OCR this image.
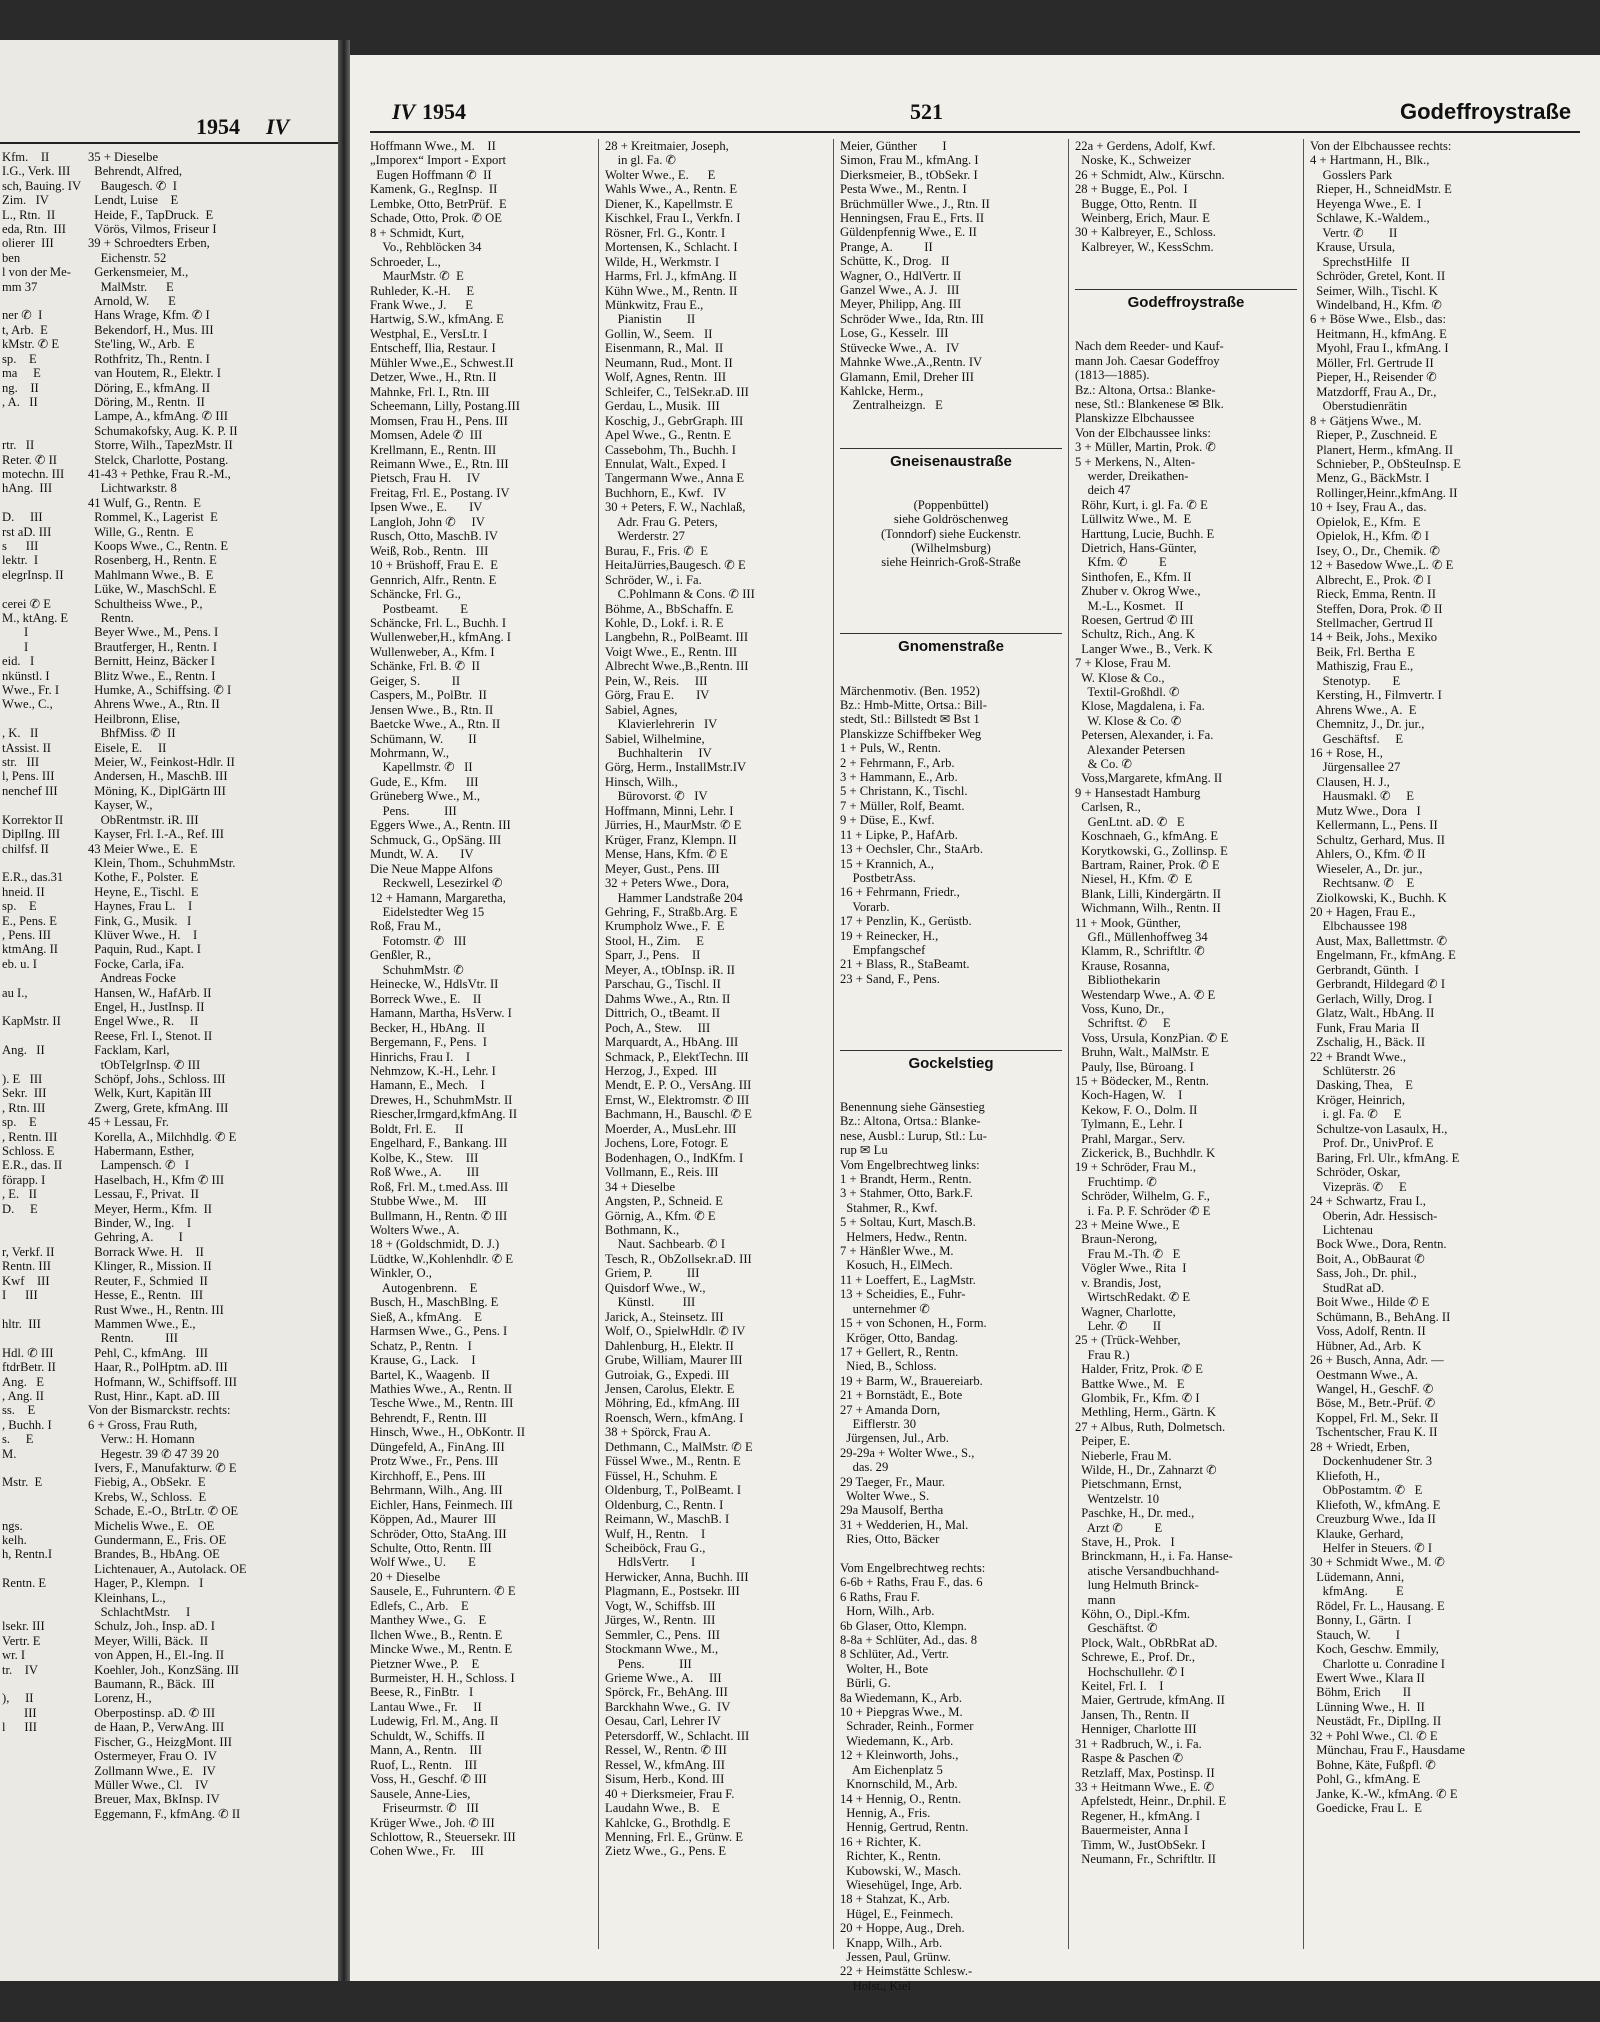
1954 IV
Kfm.    II
I.G., Verk. III
sch, Bauing. IV
Zim.   IV
L., Rtn.  II
eda, Rtn.  III
olierer  III
ben
l von der Me-
mm 37

ner ✆  I
t, Arb.  E
kMstr. ✆ E
sp.    E
ma     E
ng.    II
, A.   II

rtr.   II
Reter. ✆ II
motechn. III
hAng.  III

D.     III
rst aD. III
s      III
lektr.  I
elegrInsp. II

cerei ✆ E
M., ktAng. E
I
I
eid.   I
nkünstl. I
Wwe., Fr. I
Wwe., C.,

, K.   II
tAssist. II
str.   III
l, Pens. III
nenchef III

Korrektor II
DiplIng. III
chilfsf. II

E.R., das.31
hneid. II
sp.    E
E., Pens. E
, Pens. III
ktmAng. II
eb. u. I

au I.,

KapMstr. II

Ang.   II

). E   III
Sekr.  III
, Rtn. III
sp.    E
, Rentn. III
Schloss. E
E.R., das. II
förapp. I
, E.   II
D.     E

r, Verkf. II
Rentn. III
Kwf    III
I      III

hltr.  III

Hdl. ✆ III
ftdrBetr. II
Ang.   E
, Ang. II
ss.    E
, Buchh. I
s.     E
M.

Mstr.  E

ngs.
kelh.
h, Rentn.I

Rentn. E

lsekr. III
Vertr. E
wr. I
tr.    IV

),     II
III
l      III
35 + Dieselbe
Behrendt, Alfred,
Baugesch. ✆  I
Lendt, Luise    E
Heide, F., TapDruck.  E
Vörös, Vilmos, Friseur I
39 + Schroedters Erben,
Eichenstr. 52
Gerkensmeier, M.,
MalMstr.      E
Arnold, W.      E
Hans Wrage, Kfm. ✆ I
Bekendorf, H., Mus. III
Ste'ling, W., Arb.  E
Rothfritz, Th., Rentn. I
van Houtem, R., Elektr. I
Döring, E., kfmAng. II
Döring, M., Rentn.  II
Lampe, A., kfmAng. ✆ III
Schumakofsky, Aug. K. P. II
Storre, Wilh., TapezMstr. II
Stelck, Charlotte, Postang.
41-43 + Pethke, Frau R.-M.,
Lichtwarkstr. 8
41 Wulf, G., Rentn.  E
Rommel, K., Lagerist  E
Wille, G., Rentn.  E
Koops Wwe., C., Rentn. E
Rosenberg, H., Rentn. E
Mahlmann Wwe., B.  E
Lüke, W., MaschSchl. E
Schultheiss Wwe., P.,
Rentn.
Beyer Wwe., M., Pens. I
Brautferger, H., Rentn. I
Bernitt, Heinz, Bäcker I
Blitz Wwe., E., Rentn. I
Humke, A., Schiffsing. ✆ I
Ahrens Wwe., A., Rtn. II
Heilbronn, Elise,
BhfMiss. ✆  II
Eisele, E.     II
Meier, W., Feinkost-Hdlr. II
Andersen, H., MaschB. III
Möning, K., DiplGärtn III
Kayser, W.,
ObRentmstr. iR. III
Kayser, Frl. I.-A., Ref. III
43 Meier Wwe., E.  E
Klein, Thom., SchuhmMstr.
Kothe, F., Polster.  E
Heyne, E., Tischl.  E
Haynes, Frau L.    I
Fink, G., Musik.   I
Klüver Wwe., H.    I
Paquin, Rud., Kapt. I
Focke, Carla, iFa.
Andreas Focke
Hansen, W., HafArb. II
Engel, H., JustInsp. II
Engel Wwe., R.     II
Reese, Frl. I., Stenot. II
Facklam, Karl,
tObTelgrInsp. ✆ III
Schöpf, Johs., Schloss. III
Welk, Kurt, Kapitän III
Zwerg, Grete, kfmAng. III
45 + Lessau, Fr.
Korella, A., Milchhdlg. ✆ E
Habermann, Esther,
Lampensch. ✆   I
Haselbach, H., Kfm ✆ III
Lessau, F., Privat.  II
Meyer, Herm., Kfm.  II
Binder, W., Ing.    I
Gehring, A.        I
Borrack Wwe. H.    II
Klinger, R., Mission. II
Reuter, F., Schmied  II
Hesse, E., Rentn.   III
Rust Wwe., H., Rentn. III
Mammen Wwe., E.,
Rentn.          III
Pehl, C., kfmAng.   III
Haar, R., PolHptm. aD. III
Hofmann, W., Schiffsoff. III
Rust, Hinr., Kapt. aD. III
Von der Bismarckstr. rechts:
6 + Gross, Frau Ruth,
Verw.: H. Homann
Hegestr. 39 ✆ 47 39 20
Ivers, F., Manufakturw. ✆ E
Fiebig, A., ObSekr.  E
Krebs, W., Schloss.  E
Schade, E.-O., BtrLtr. ✆ OE
Michelis Wwe., E.   OE
Gundermann, E., Fris. OE
Brandes, B., HbAng. OE
Lichtenauer, A., Autolack. OE
Hager, P., Klempn.   I
Kleinhans, L.,
SchlachtMstr.     I
Schulz, Joh., Insp. aD. I
Meyer, Willi, Bäck.  II
von Appen, H., El.-Ing. II
Koehler, Joh., KonzSäng. III
Baumann, R., Bäck.  III
Lorenz, H.,
Oberpostinsp. aD. ✆ III
de Haan, P., VerwAng. III
Fischer, G., HeizgMont. III
Ostermeyer, Frau O.  IV
Zollmann Wwe., E.   IV
Müller Wwe., Cl.    IV
Breuer, Max, BkInsp. IV
Eggemann, F., kfmAng. ✆ II
IV 1954	521	Godeffroystraße
Hoffmann Wwe., M.    II
„Imporex“ Import - Export
Eugen Hoffmann ✆  II
Kamenk, G., RegInsp.  II
Lembke, Otto, BetrPrüf.  E
Schade, Otto, Prok. ✆ OE
8 + Schmidt, Kurt,
Vo., Rehblöcken 34
Schroeder, L.,
MaurMstr. ✆  E
Ruhleder, K.-H.     E
Frank Wwe., J.      E
Hartwig, S.W., kfmAng. E
Westphal, E., VersLtr. I
Entscheff, Ilia, Restaur. I
Mühler Wwe.,E., Schwest.II
Detzer, Wwe., H., Rtn. II
Mahnke, Frl. I., Rtn. III
Scheemann, Lilly, Postang.III
Momsen, Frau H., Pens. III
Momsen, Adele ✆  III
Krellmann, E., Rentn. III
Reimann Wwe., E., Rtn. III
Pietsch, Frau H.     IV
Freitag, Frl. E., Postang. IV
Ipsen Wwe., E.       IV
Langloh, John ✆     IV
Rusch, Otto, MaschB. IV
Weiß, Rob., Rentn.   III
10 + Brüshoff, Frau E.  E
Gennrich, Alfr., Rentn. E
Schäncke, Frl. G.,
Postbeamt.       E
Schäncke, Frl. L., Buchh. I
Wullenweber,H., kfmAng. I
Wullenweber, A., Kfm. I
Schänke, Frl. B. ✆  II
Geiger, S.          II
Caspers, M., PolBtr.  II
Jensen Wwe., B., Rtn. II
Baetcke Wwe., A., Rtn. II
Schümann, W.        II
Mohrmann, W.,
Kapellmstr. ✆   II
Gude, E., Kfm.      III
Grüneberg Wwe., M.,
Pens.           III
Eggers Wwe., A., Rentn. III
Schmuck, G., OpSäng. III
Mundt, W. A.       IV
Die Neue Mappe Alfons
Reckwell, Lesezirkel ✆
12 + Hamann, Margaretha,
Eidelstedter Weg 15
Roß, Frau M.,
Fotomstr. ✆   III
Genßler, R.,
SchuhmMstr. ✆
Heinecke, W., HdlsVtr. II
Borreck Wwe., E.    II
Hamann, Martha, HsVerw. I
Becker, H., HbAng.  II
Bergemann, F., Pens.  I
Hinrichs, Frau I.    I
Nehmzow, K.-H., Lehr. I
Hamann, E., Mech.    I
Drewes, H., SchuhmMstr. II
Riescher,Irmgard,kfmAng. II
Boldt, Frl. E.      II
Engelhard, F., Bankang. III
Kolbe, K., Stew.    III
Roß Wwe., A.        III
Roß, Frl. M., t.med.Ass. III
Stubbe Wwe., M.     III
Bullmann, H., Rentn. ✆ III
Wolters Wwe., A.
18 + (Goldschmidt, D. J.)
Lüdtke, W.,Kohlenhdlr. ✆ E
Winkler, O.,
Autogenbrenn.    E
Busch, H., MaschBlng. E
Sieß, A., kfmAng.    E
Harmsen Wwe., G., Pens. I
Schatz, P., Rentn.   I
Krause, G., Lack.    I
Bartel, K., Waagenb.  II
Mathies Wwe., A., Rentn. II
Tesche Wwe., M., Rentn. III
Behrendt, F., Rentn. III
Hinsch, Wwe., H., ObKontr. II
Düngefeld, A., FinAng. III
Protz Wwe., Fr., Pens. III
Kirchhoff, E., Pens. III
Behrmann, Wilh., Ang. III
Eichler, Hans, Feinmech. III
Köppen, Ad., Maurer  III
Schröder, Otto, StaAng. III
Schulte, Otto, Rentn. III
Wolf Wwe., U.       E
20 + Dieselbe
Sausele, E., Fuhruntern. ✆ E
Edlefs, C., Arb.    E
Manthey Wwe., G.    E
Ilchen Wwe., B., Rentn. E
Mincke Wwe., M., Rentn. E
Pietzner Wwe., P.    E
Burmeister, H. H., Schloss. I
Beese, R., FinBtr.   I
Lantau Wwe., Fr.     II
Ludewig, Frl. M., Ang. II
Schuldt, W., Schiffs. II
Mann, A., Rentn.    III
Ruof, L., Rentn.    III
Voss, H., Geschf. ✆ III
Sausele, Anne-Lies,
Friseurmstr. ✆   III
Krüger Wwe., Joh. ✆ III
Schlottow, R., Steuersekr. III
Cohen Wwe., Fr.     III
28 + Kreitmaier, Joseph,
in gl. Fa. ✆
Wolter Wwe., E.      E
Wahls Wwe., A., Rentn. E
Diener, K., Kapellmstr. E
Kischkel, Frau I., Verkfn. I
Rösner, Frl. G., Kontr. I
Mortensen, K., Schlacht. I
Wilde, H., Werkmstr. I
Harms, Frl. J., kfmAng. II
Kühn Wwe., M., Rentn. II
Münkwitz, Frau E.,
Pianistin        II
Gollin, W., Seem.   II
Eisenmann, R., Mal.  II
Neumann, Rud., Mont. II
Wolf, Agnes, Rentn.  III
Schleifer, C., TelSekr.aD. III
Gerdau, L., Musik.  III
Koschig, J., GebrGraph. III
Apel Wwe., G., Rentn. E
Cassebohm, Th., Buchh. I
Ennulat, Walt., Exped. I
Tangermann Wwe., Anna E
Buchhorn, E., Kwf.   IV
30 + Peters, F. W., Nachlaß,
Adr. Frau G. Peters,
Werderstr. 27
Burau, F., Fris. ✆  E
HeitaJürries,Baugesch. ✆ E
Schröder, W., i. Fa.
C.Pohlmann & Cons. ✆ III
Böhme, A., BbSchaffn. E
Kohle, D., Lokf. i. R. E
Langbehn, R., PolBeamt. III
Voigt Wwe., E., Rentn. III
Albrecht Wwe.,B.,Rentn. III
Pein, W., Reis.     III
Görg, Frau E.       IV
Sabiel, Agnes,
Klavierlehrerin   IV
Sabiel, Wilhelmine,
Buchhalterin     IV
Görg, Herm., InstallMstr.IV
Hinsch, Wilh.,
Bürovorst. ✆   IV
Hoffmann, Minni, Lehr. I
Jürries, H., MaurMstr. ✆ E
Krüger, Franz, Klempn. II
Mense, Hans, Kfm. ✆ E
Meyer, Gust., Pens. III
32 + Peters Wwe., Dora,
Hammer Landstraße 204
Gehring, F., Straßb.Arg. E
Krumpholz Wwe., F.  E
Stool, H., Zim.     E
Sparr, J., Pens.    II
Meyer, A., tObInsp. iR. II
Parschau, G., Tischl. II
Dahms Wwe., A., Rtn. II
Dittrich, O., tBeamt. II
Poch, A., Stew.     III
Marquardt, A., HbAng. III
Schmack, P., ElektTechn. III
Herzog, J., Exped.  III
Mendt, E. P. O., VersAng. III
Ernst, W., Elektromstr. ✆ III
Bachmann, H., Bauschl. ✆ E
Moerder, A., MusLehr. III
Jochens, Lore, Fotogr. E
Bodenhagen, O., IndKfm. I
Vollmann, E., Reis. III
34 + Dieselbe
Angsten, P., Schneid. E
Görnig, A., Kfm. ✆ E
Bothmann, K.,
Naut. Sachbearb. ✆ I
Tesch, R., ObZollsekr.aD. III
Griem, P.           III
Quisdorf Wwe., W.,
Künstl.         III
Jarick, A., Steinsetz. III
Wolf, O., SpielwHdlr. ✆ IV
Dahlenburg, H., Elektr. II
Grube, William, Maurer III
Gutroiak, G., Expedi. III
Jensen, Carolus, Elektr. E
Möhring, Ed., kfmAng. III
Roensch, Wern., kfmAng. I
38 + Spörck, Frau A.
Dethmann, C., MalMstr. ✆ E
Füssel Wwe., M., Rentn. E
Füssel, H., Schuhm. E
Oldenburg, T., PolBeamt. I
Oldenburg, C., Rentn. I
Reimann, W., MaschB. I
Wulf, H., Rentn.    I
Scheiböck, Frau G.,
HdlsVertr.       I
Herwicker, Anna, Buchh. III
Plagmann, E., Postsekr. III
Vogt, W., Schiffsb. III
Jürges, W., Rentn.  III
Semmler, C., Pens.  III
Stockmann Wwe., M.,
Pens.           III
Grieme Wwe., A.     III
Spörck, Fr., BehAng. III
Barckhahn Wwe., G.  IV
Oesau, Carl, Lehrer IV
Petersdorff, W., Schlacht. III
Ressel, W., Rentn. ✆ III
Ressel, W., kfmAng. III
Sisum, Herb., Kond. III
40 + Dierksmeier, Frau F.
Laudahn Wwe., B.    E
Kahlcke, G., Brothdlg. E
Menning, Frl. E., Grünw. E
Zietz Wwe., G., Pens. E
Meier, Günther        I
Simon, Frau M., kfmAng. I
Dierksmeier, B., tObSekr. I
Pesta Wwe., M., Rentn. I
Brüchmüller Wwe., J., Rtn. II
Henningsen, Frau E., Frts. II
Güldenpfennig Wwe., E. II
Prange, A.          II
Schütte, K., Drog.   II
Wagner, O., HdlVertr. II
Ganzel Wwe., A. J.   III
Meyer, Philipp, Ang. III
Schröder Wwe., Ida, Rtn. III
Lose, G., Kesselr.  III
Stüvecke Wwe., A.   IV
Mahnke Wwe.,A.,Rentn. IV
Glamann, Emil, Dreher III
Kahlcke, Herm.,
Zentralheizgn.   E

Gneisenaustraße

(Poppenbüttel)
siehe Goldröschenweg
(Tonndorf) siehe Euckenstr.
(Wilhelmsburg)
siehe Heinrich-Groß-Straße

Gnomenstraße

Märchenmotiv. (Ben. 1952)
Bz.: Hmb-Mitte, Ortsa.: Bill-
stedt, Stl.: Billstedt ✉ Bst 1
Planskizze Schiffbeker Weg
1 + Puls, W., Rentn.
2 + Fehrmann, F., Arb.
3 + Hammann, E., Arb.
5 + Christann, K., Tischl.
7 + Müller, Rolf, Beamt.
9 + Düse, E., Kwf.
11 + Lipke, P., HafArb.
13 + Oechsler, Chr., StaArb.
15 + Krannich, A.,
PostbetrAss.
16 + Fehrmann, Friedr.,
Vorarb.
17 + Penzlin, K., Gerüstb.
19 + Reinecker, H.,
Empfangschef
21 + Blass, R., StaBeamt.
23 + Sand, F., Pens.

Gockelstieg

Benennung siehe Gänsestieg
Bz.: Altona, Ortsa.: Blanke-
nese, Ausbl.: Lurup, Stl.: Lu-
rup ✉ Lu
Vom Engelbrechtweg links:
1 + Brandt, Herm., Rentn.
3 + Stahmer, Otto, Bark.F.
Stahmer, R., Kwf.
5 + Soltau, Kurt, Masch.B.
Helmers, Hedw., Rentn.
7 + Hänßler Wwe., M.
Kosuch, H., ElMech.
11 + Loeffert, E., LagMstr.
13 + Scheidies, E., Fuhr-
unternehmer ✆
15 + von Schonen, H., Form.
Kröger, Otto, Bandag.
17 + Gellert, R., Rentn.
Nied, B., Schloss.
19 + Barm, W., Brauereiarb.
21 + Bornstädt, E., Bote
27 + Amanda Dorn,
Eifflerstr. 30
Jürgensen, Jul., Arb.
29-29a + Wolter Wwe., S.,
das. 29
29 Taeger, Fr., Maur.
Wolter Wwe., S.
29a Mausolf, Bertha
31 + Wedderien, H., Mal.
Ries, Otto, Bäcker

Vom Engelbrechtweg rechts:
6-6b + Raths, Frau F., das. 6
6 Raths, Frau F.
Horn, Wilh., Arb.
6b Glaser, Otto, Klempn.
8-8a + Schlüter, Ad., das. 8
8 Schlüter, Ad., Vertr.
Wolter, H., Bote
Bürli, G.
8a Wiedemann, K., Arb.
10 + Piepgras Wwe., M.
Schrader, Reinh., Former
Wiedemann, K., Arb.
12 + Kleinworth, Johs.,
Am Eichenplatz 5
Knornschild, M., Arb.
14 + Hennig, O., Rentn.
Hennig, A., Fris.
Hennig, Gertrud, Rentn.
16 + Richter, K.
Richter, K., Rentn.
Kubowski, W., Masch.
Wiesehügel, Inge, Arb.
18 + Stahzat, K., Arb.
Hügel, E., Feinmech.
20 + Hoppe, Aug., Dreh.
Knapp, Wilh., Arb.
Jessen, Paul, Grünw.
22 + Heimstätte Schlesw.-
Holst., Kiel

22a + Gerdens, Adolf, Kwf.
Noske, K., Schweizer
26 + Schmidt, Alw., Kürschn.
28 + Bugge, E., Pol.  I
Bugge, Otto, Rentn.  II
Weinberg, Erich, Maur. E
30 + Kalbreyer, E., Schloss.
Kalbreyer, W., KessSchm.

Godeffroystraße

Nach dem Reeder- und Kauf-
mann Joh. Caesar Godeffroy
(1813—1885).
Bz.: Altona, Ortsa.: Blanke-
nese, Stl.: Blankenese ✉ Blk.
Planskizze Elbchaussee
Von der Elbchaussee links:
3 + Müller, Martin, Prok. ✆
5 + Merkens, N., Alten-
werder, Dreikathen-
deich 47
Röhr, Kurt, i. gl. Fa. ✆ E
Lüllwitz Wwe., M.  E
Harttung, Lucie, Buchh. E
Dietrich, Hans-Günter,
Kfm. ✆          E
Sinthofen, E., Kfm. II
Zhuber v. Okrog Wwe.,
M.-L., Kosmet.   II
Roesen, Gertrud ✆ III
Schultz, Rich., Ang. K
Langer Wwe., B., Verk. K
7 + Klose, Frau M.
W. Klose & Co.,
Textil-Großhdl. ✆
Klose, Magdalena, i. Fa.
W. Klose & Co. ✆
Petersen, Alexander, i. Fa.
Alexander Petersen
& Co. ✆
Voss,Margarete, kfmAng. II
9 + Hansestadt Hamburg
Carlsen, R.,
GenLtnt. aD. ✆   E
Koschnaeh, G., kfmAng. E
Korytkowski, G., Zollinsp. E
Bartram, Rainer, Prok. ✆ E
Niesel, H., Kfm. ✆  E
Blank, Lilli, Kindergärtn. II
Wichmann, Wilh., Rentn. II
11 + Mook, Günther,
Gfl., Müllenhoffweg 34
Klamm, R., Schriftltr. ✆
Krause, Rosanna,
Bibliothekarin
Westendarp Wwe., A. ✆ E
Voss, Kuno, Dr.,
Schriftst. ✆     E
Voss, Ursula, KonzPian. ✆ E
Bruhn, Walt., MalMstr. E
Pauly, Ilse, Büroang. I
15 + Bödecker, M., Rentn.
Koch-Hagen, W.    I
Kekow, F. O., Dolm. II
Tylmann, E., Lehr. I
Prahl, Margar., Serv.
Zickerick, B., Buchhdlr. K
19 + Schröder, Frau M.,
Fruchtimp. ✆
Schröder, Wilhelm, G. F.,
i. Fa. P. F. Schröder ✆ E
23 + Meine Wwe., E
Braun-Nerong,
Frau M.-Th. ✆   E
Vögler Wwe., Rita  I
v. Brandis, Jost,
WirtschRedakt. ✆ E
Wagner, Charlotte,
Lehr. ✆        II
25 + (Trück-Wehber,
Frau R.)
Halder, Fritz, Prok. ✆ E
Battke Wwe., M.   E
Glombik, Fr., Kfm. ✆ I
Methling, Herm., Gärtn. K
27 + Albus, Ruth, Dolmetsch.
Peiper, E.
Nieberle, Frau M.
Wilde, H., Dr., Zahnarzt ✆
Pietschmann, Ernst,
Wentzelstr. 10
Paschke, H., Dr. med.,
Arzt ✆          E
Stave, H., Prok.   I
Brinckmann, H., i. Fa. Hanse-
atische Versandbuchhand-
lung Helmuth Brinck-
mann
Köhn, O., Dipl.-Kfm.
Geschäftst. ✆
Plock, Walt., ObRbRat aD.
Schrewe, E., Prof. Dr.,
Hochschullehr. ✆ I
Keitel, Frl. I.    I
Maier, Gertrude, kfmAng. II
Jansen, Th., Rentn. II
Henniger, Charlotte III
31 + Radbruch, W., i. Fa.
Raspe & Paschen ✆
Retzlaff, Max, Postinsp. II
33 + Heitmann Wwe., E. ✆
Apfelstedt, Heinr., Dr.phil. E
Regener, H., kfmAng. I
Bauermeister, Anna I
Timm, W., JustObSekr. I
Neumann, Fr., Schriftltr. II

Von der Elbchaussee rechts:
4 + Hartmann, H., Blk.,
Gosslers Park
Rieper, H., SchneidMstr. E
Heyenga Wwe., E.  I
Schlawe, K.-Waldem.,
Vertr. ✆        II
Krause, Ursula,
SprechstHilfe   II
Schröder, Gretel, Kont. II
Seimer, Wilh., Tischl. K
Windelband, H., Kfm. ✆
6 + Böse Wwe., Elsb., das:
Heitmann, H., kfmAng. E
Myohl, Frau I., kfmAng. I
Möller, Frl. Gertrude II
Pieper, H., Reisender ✆
Matzdorff, Frau A., Dr.,
Oberstudienrätin
8 + Gätjens Wwe., M.
Rieper, P., Zuschneid. E
Planert, Herm., kfmAng. II
Schnieber, P., ObSteuInsp. E
Menz, G., BäckMstr. I
Rollinger,Heinr.,kfmAng. II
10 + Isey, Frau A., das.
Opielok, E., Kfm.  E
Opielok, H., Kfm. ✆ I
Isey, O., Dr., Chemik. ✆
12 + Basedow Wwe.,L. ✆ E
Albrecht, E., Prok. ✆ I
Rieck, Emma, Rentn. II
Steffen, Dora, Prok. ✆ II
Stellmacher, Gertrud II
14 + Beik, Johs., Mexiko
Beik, Frl. Bertha  E
Mathiszig, Frau E.,
Stenotyp.       E
Kersting, H., Filmvertr. I
Ahrens Wwe., A.  E
Chemnitz, J., Dr. jur.,
Geschäftsf.     E
16 + Rose, H.,
Jürgensallee 27
Clausen, H. J.,
Hausmakl. ✆     E
Mutz Wwe., Dora   I
Kellermann, L., Pens. II
Schultz, Gerhard, Mus. II
Ahlers, O., Kfm. ✆ II
Wieseler, A., Dr. jur.,
Rechtsanw. ✆    E
Ziolkowski, K., Buchh. K
20 + Hagen, Frau E.,
Elbchaussee 198
Aust, Max, Ballettmstr. ✆
Engelmann, Fr., kfmAng. E
Gerbrandt, Günth.  I
Gerbrandt, Hildegard ✆ I
Gerlach, Willy, Drog. I
Glatz, Walt., HbAng. II
Funk, Frau Maria  II
Zschalig, H., Bäck. II
22 + Brandt Wwe.,
Schlüterstr. 26
Dasking, Thea,    E
Kröger, Heinrich,
i. gl. Fa. ✆     E
Schultze-von Lasaulx, H.,
Prof. Dr., UnivProf. E
Baring, Frl. Ulr., kfmAng. E
Schröder, Oskar,
Vizepräs. ✆     E
24 + Schwartz, Frau I.,
Oberin, Adr. Hessisch-
Lichtenau
Bock Wwe., Dora, Rentn.
Boit, A., ObBaurat ✆
Sass, Joh., Dr. phil.,
StudRat aD.
Boit Wwe., Hilde ✆ E
Schümann, B., BehAng. II
Voss, Adolf, Rentn. II
Hübner, Ad., Arb.  K
26 + Busch, Anna, Adr. —
Oestmann Wwe., A.
Wangel, H., GeschF. ✆
Böse, M., Betr.-Prüf. ✆
Koppel, Frl. M., Sekr. II
Tschentscher, Frau K. II
28 + Wriedt, Erben,
Dockenhudener Str. 3
Kliefoth, H.,
ObPostamtm. ✆   E
Kliefoth, W., kfmAng. E
Creuzburg Wwe., Ida II
Klauke, Gerhard,
Helfer in Steuers. ✆ I
30 + Schmidt Wwe., M. ✆
Lüdemann, Anni,
kfmAng.         E
Rödel, Fr. L., Hausang. E
Bonny, I., Gärtn.  I
Stauch, W.        I
Koch, Geschw. Emmily,
Charlotte u. Conradine I
Ewert Wwe., Klara II
Böhm, Erich       II
Lünning Wwe., H.  II
Neustädt, Fr., DiplIng. II
32 + Pohl Wwe., Cl. ✆ E
Münchau, Frau F., Hausdame
Bohne, Käte, Fußpfl. ✆
Pohl, G., kfmAng. E
Janke, K.-W., kfmAng. ✆ E
Goedicke, Frau L.  E
